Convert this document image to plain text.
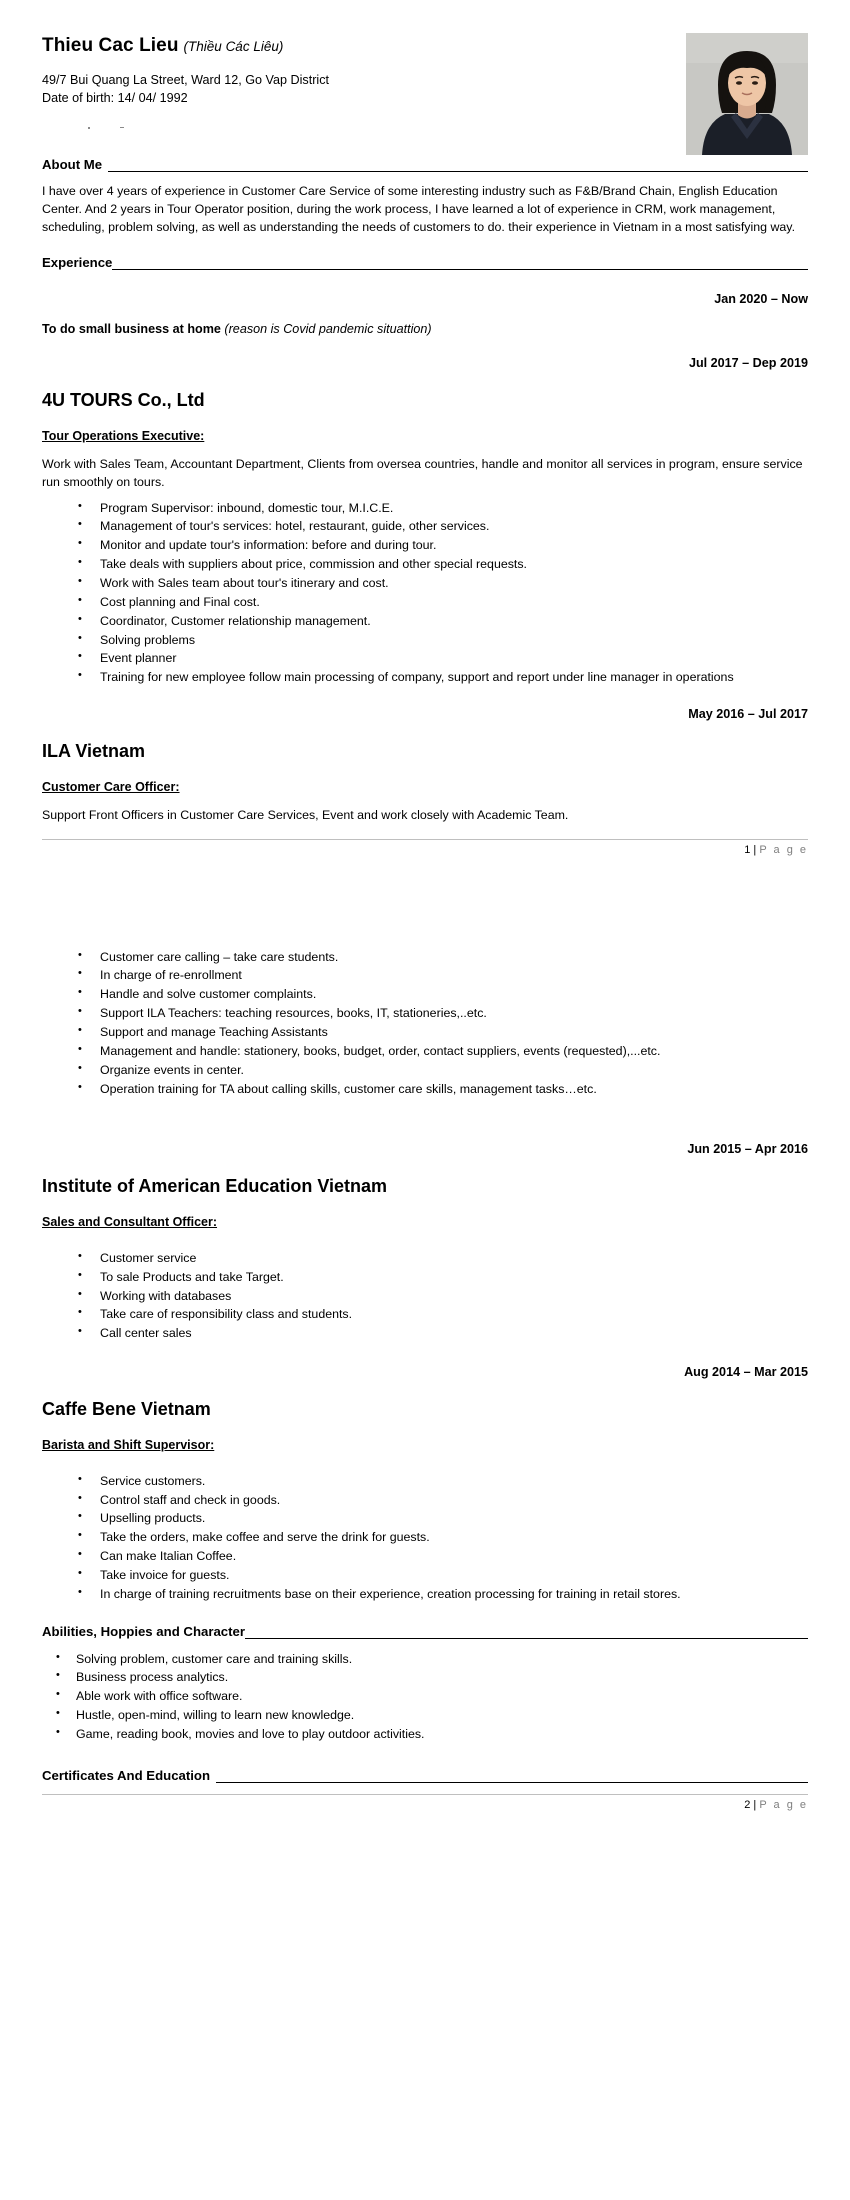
Thieu Cac Lieu (Thiều Các Liêu)

49/7 Bui Quang La Street, Ward 12, Go Vap District

Date of birth: 14/ 04/ 1992

About Me

I have over 4 years of experience in Customer Care Service of some interesting industry such as F&B/Brand Chain, English Education Center. And 2 years in Tour Operator position, during the work process, I have learned a lot of experience in CRM, work management, scheduling, problem solving, as well as understanding the needs of customers to do. their experience in Vietnam in a most satisfying way.

Experience

Jan 2020 – Now

To do small business at home (reason is Covid pandemic situattion)

Jul 2017 – Dep 2019

4U TOURS Co., Ltd

Tour Operations Executive:

Work with Sales Team, Accountant Department, Clients from oversea countries, handle and monitor all services in program, ensure service run smoothly on tours.

• Program Supervisor: inbound, domestic tour, M.I.C.E.
• Management of tour's services: hotel, restaurant, guide, other services.
• Monitor and update tour's information: before and during tour.
• Take deals with suppliers about price, commission and other special requests.
• Work with Sales team about tour's itinerary and cost.
• Cost planning and Final cost.
• Coordinator, Customer relationship management.
• Solving problems
• Event planner
• Training for new employee follow main processing of company, support and report under line manager in operations

May 2016 – Jul 2017

ILA Vietnam

Customer Care Officer:

Support Front Officers in Customer Care Services, Event and work closely with Academic Team.

1 | P a g e
• Customer care calling – take care students.
• In charge of re-enrollment
• Handle and solve customer complaints.
• Support ILA Teachers: teaching resources, books, IT, stationeries,..etc.
• Support and manage Teaching Assistants
• Management and handle: stationery, books, budget, order, contact suppliers, events (requested),...etc.
• Organize events in center.
• Operation training for TA about calling skills, customer care skills, management tasks…etc.

Jun 2015 – Apr 2016

Institute of American Education Vietnam

Sales and Consultant Officer:
• Customer service
• To sale Products and take Target.
• Working with databases
• Take care of responsibility class and students.
• Call center sales

Aug 2014 – Mar 2015

Caffe Bene Vietnam

Barista and Shift Supervisor:
• Service customers.
• Control staff and check in goods.
• Upselling products.
• Take the orders, make coffee and serve the drink for guests.
• Can make Italian Coffee.
• Take invoice for guests.
• In charge of training recruitments base on their experience, creation processing for training in retail stores.
Abilities, Hoppies and Character
• Solving problem, customer care and training skills.
• Business process analytics.
• Able work with office software.
• Hustle, open-mind, willing to learn new knowledge.
• Game, reading book, movies and love to play outdoor activities.
Certificates And Education
2 | P a g e
